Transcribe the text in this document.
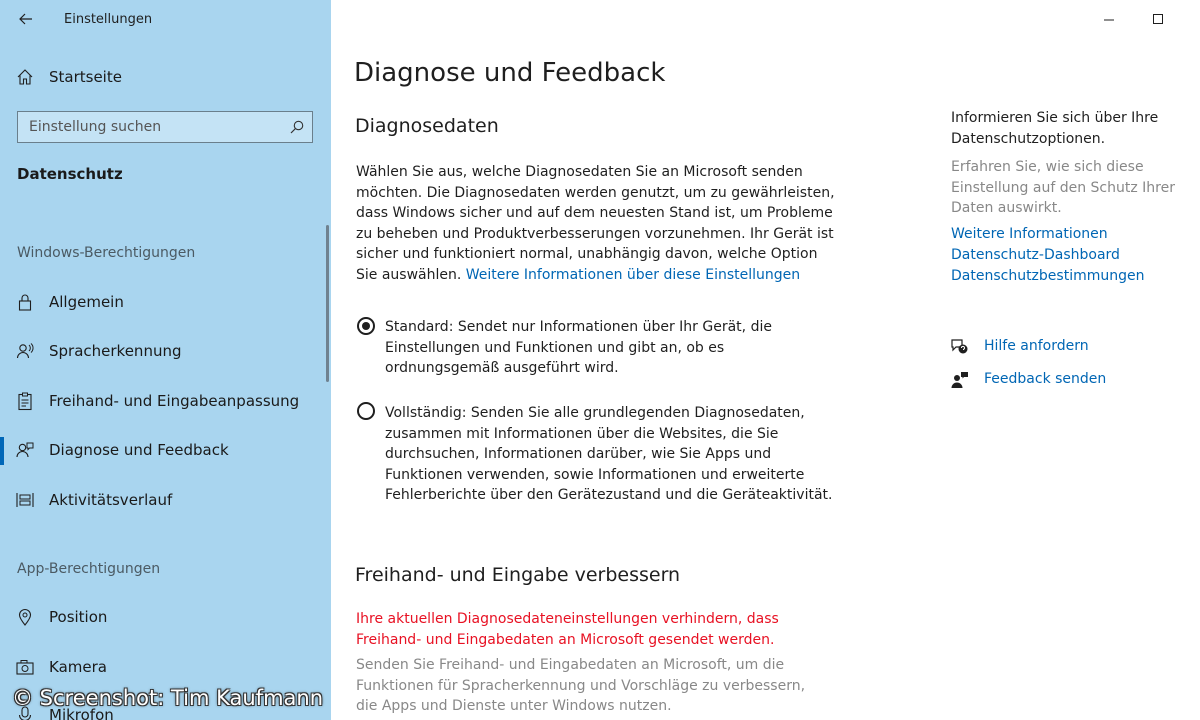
Einstellungen
Startseite
Einstellung suchen
Datenschutz
Windows-Berechtigungen
Allgemein
Spracherkennung
Freihand- und Eingabeanpassung
Diagnose und Feedback
Aktivitätsverlauf
App-Berechtigungen
Position
Kamera
Mikrofon
Diagnose und Feedback
Diagnosedaten
Wählen Sie aus, welche Diagnosedaten Sie an Microsoft senden
möchten. Die Diagnosedaten werden genutzt, um zu gewährleisten,
dass Windows sicher und auf dem neuesten Stand ist, um Probleme
zu beheben und Produktverbesserungen vorzunehmen. Ihr Gerät ist
sicher und funktioniert normal, unabhängig davon, welche Option
Sie auswählen. Weitere Informationen über diese Einstellungen
Standard: Sendet nur Informationen über Ihr Gerät, die
Einstellungen und Funktionen und gibt an, ob es
ordnungsgemäß ausgeführt wird.
Vollständig: Senden Sie alle grundlegenden Diagnosedaten,
zusammen mit Informationen über die Websites, die Sie
durchsuchen, Informationen darüber, wie Sie Apps und
Funktionen verwenden, sowie Informationen und erweiterte
Fehlerberichte über den Gerätezustand und die Geräteaktivität.
Freihand- und Eingabe verbessern
Ihre aktuellen Diagnosedateneinstellungen verhindern, dass
Freihand- und Eingabedaten an Microsoft gesendet werden.
Senden Sie Freihand- und Eingabedaten an Microsoft, um die
Funktionen für Spracherkennung und Vorschläge zu verbessern,
die Apps und Dienste unter Windows nutzen.
Informieren Sie sich über Ihre
Datenschutzoptionen.
Erfahren Sie, wie sich diese
Einstellung auf den Schutz Ihrer
Daten auswirkt.
Weitere Informationen
Datenschutz-Dashboard
Datenschutzbestimmungen
Hilfe anfordern
Feedback senden
© Screenshot: Tim Kaufmann
